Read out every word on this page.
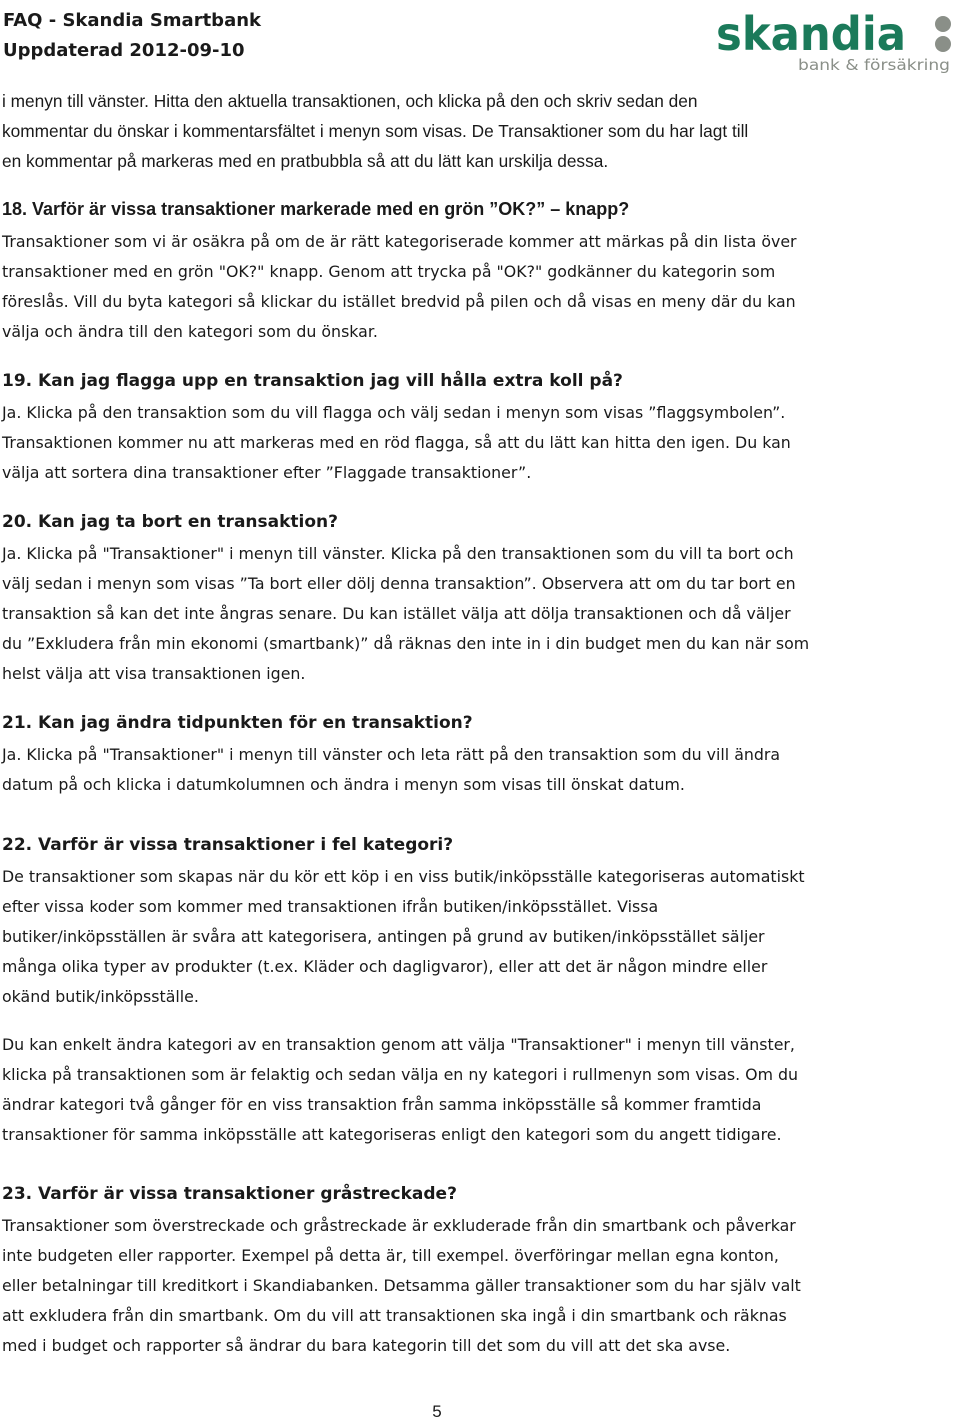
FAQ - Skandia Smartbank
Uppdaterad 2012-09-10	skandia
bank & försäkring
i menyn till vänster. Hitta den aktuella transaktionen, och klicka på den och skriv sedan den
kommentar du önskar i kommentarsfältet i menyn som visas. De Transaktioner som du har lagt till
en kommentar på markeras med en pratbubbla så att du lätt kan urskilja dessa.
18. Varför är vissa transaktioner markerade med en grön ”OK?” – knapp?
Transaktioner som vi är osäkra på om de är rätt kategoriserade kommer att märkas på din lista över
transaktioner med en grön "OK?" knapp. Genom att trycka på "OK?" godkänner du kategorin som
föreslås. Vill du byta kategori så klickar du istället bredvid på pilen och då visas en meny där du kan
välja och ändra till den kategori som du önskar.
19. Kan jag flagga upp en transaktion jag vill hålla extra koll på?
Ja. Klicka på den transaktion som du vill flagga och välj sedan i menyn som visas ”flaggsymbolen”.
Transaktionen kommer nu att markeras med en röd flagga, så att du lätt kan hitta den igen. Du kan
välja att sortera dina transaktioner efter ”Flaggade transaktioner”.
20. Kan jag ta bort en transaktion?
Ja. Klicka på "Transaktioner" i menyn till vänster. Klicka på den transaktionen som du vill ta bort och
välj sedan i menyn som visas ”Ta bort eller dölj denna transaktion”. Observera att om du tar bort en
transaktion så kan det inte ångras senare. Du kan istället välja att dölja transaktionen och då väljer
du ”Exkludera från min ekonomi (smartbank)” då räknas den inte in i din budget men du kan när som
helst välja att visa transaktionen igen.
21. Kan jag ändra tidpunkten för en transaktion?
Ja. Klicka på "Transaktioner" i menyn till vänster och leta rätt på den transaktion som du vill ändra
datum på och klicka i datumkolumnen och ändra i menyn som visas till önskat datum.
22. Varför är vissa transaktioner i fel kategori?
De transaktioner som skapas när du kör ett köp i en viss butik/inköpsställe kategoriseras automatiskt
efter vissa koder som kommer med transaktionen ifrån butiken/inköpsstället. Vissa
butiker/inköpsställen är svåra att kategorisera, antingen på grund av butiken/inköpsstället säljer
många olika typer av produkter (t.ex. Kläder och dagligvaror), eller att det är någon mindre eller
okänd butik/inköpsställe.
Du kan enkelt ändra kategori av en transaktion genom att välja "Transaktioner" i menyn till vänster,
klicka på transaktionen som är felaktig och sedan välja en ny kategori i rullmenyn som visas. Om du
ändrar kategori två gånger för en viss transaktion från samma inköpsställe så kommer framtida
transaktioner för samma inköpsställe att kategoriseras enligt den kategori som du angett tidigare.
23. Varför är vissa transaktioner gråstreckade?
Transaktioner som överstreckade och gråstreckade är exkluderade från din smartbank och påverkar
inte budgeten eller rapporter. Exempel på detta är, till exempel. överföringar mellan egna konton,
eller betalningar till kreditkort i Skandiabanken. Detsamma gäller transaktioner som du har själv valt
att exkludera från din smartbank. Om du vill att transaktionen ska ingå i din smartbank och räknas
med i budget och rapporter så ändrar du bara kategorin till det som du vill att det ska avse.
5
